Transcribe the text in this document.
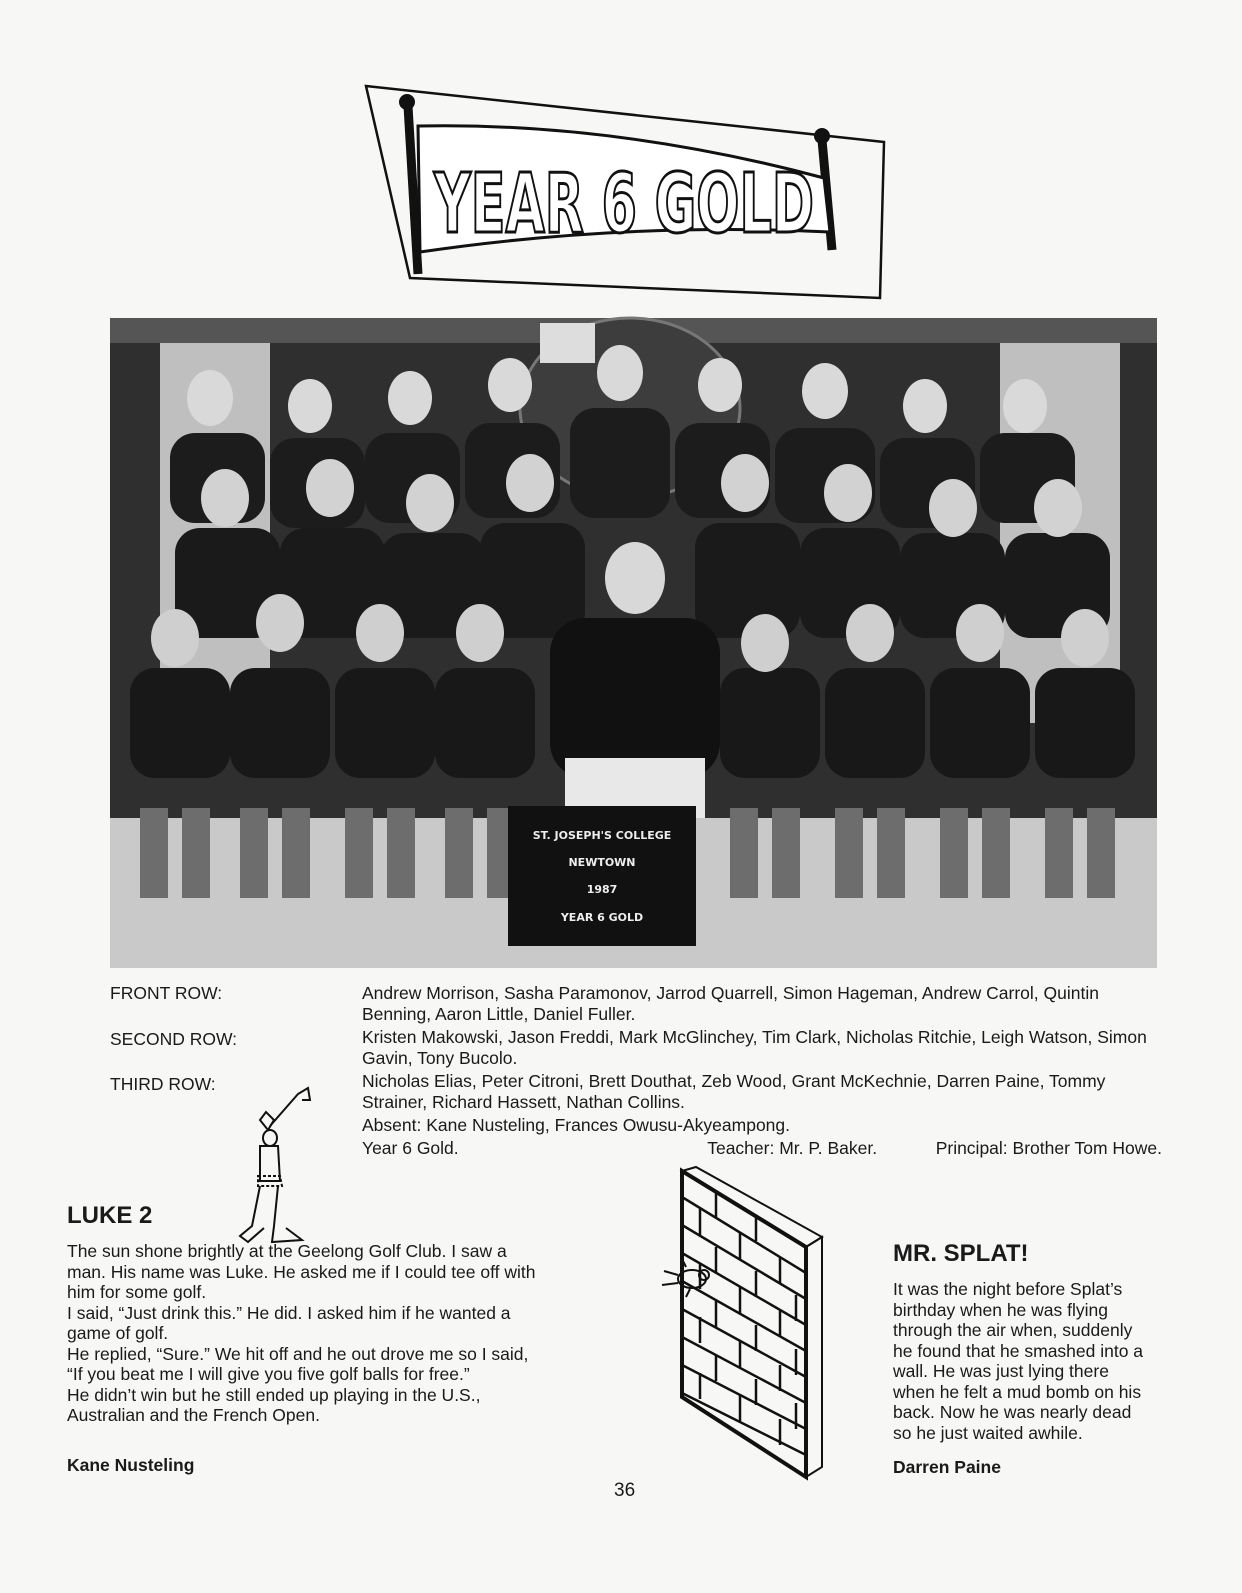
YEAR 6 GOLD
ST. JOSEPH'S COLLEGE
NEWTOWN
1987
YEAR 6 GOLD
FRONT ROW:
SECOND ROW:
THIRD ROW:

Andrew Morrison, Sasha Paramonov, Jarrod Quarrell, Simon Hageman, Andrew Carrol, Quintin Benning, Aaron Little, Daniel Fuller.

Kristen Makowski, Jason Freddi, Mark McGlinchey, Tim Clark, Nicholas Ritchie, Leigh Watson, Simon Gavin, Tony Bucolo.

Nicholas Elias, Peter Citroni, Brett Douthat, Zeb Wood, Grant McKechnie, Darren Paine, Tommy Strainer, Richard Hassett, Nathan Collins.

Absent: Kane Nusteling, Frances Owusu-Akyeampong.

Year 6 Gold.	Teacher: Mr. P. Baker.	Principal: Brother Tom Howe.
LUKE 2

The sun shone brightly at the Geelong Golf Club. I saw a

man. His name was Luke. He asked me if I could tee off with

him for some golf.

I said, “Just drink this.” He did. I asked him if he wanted a

game of golf.

He replied, “Sure.” We hit off and he out drove me so I said,

“If you beat me I will give you five golf balls for free.”

He didn’t win but he still ended up playing in the U.S.,

Australian and the French Open.

Kane Nusteling
MR. SPLAT!

It was the night before Splat’s

birthday when he was flying

through the air when, suddenly

he found that he smashed into a

wall. He was just lying there

when he felt a mud bomb on his

back. Now he was nearly dead

so he just waited awhile.

Darren Paine
36
